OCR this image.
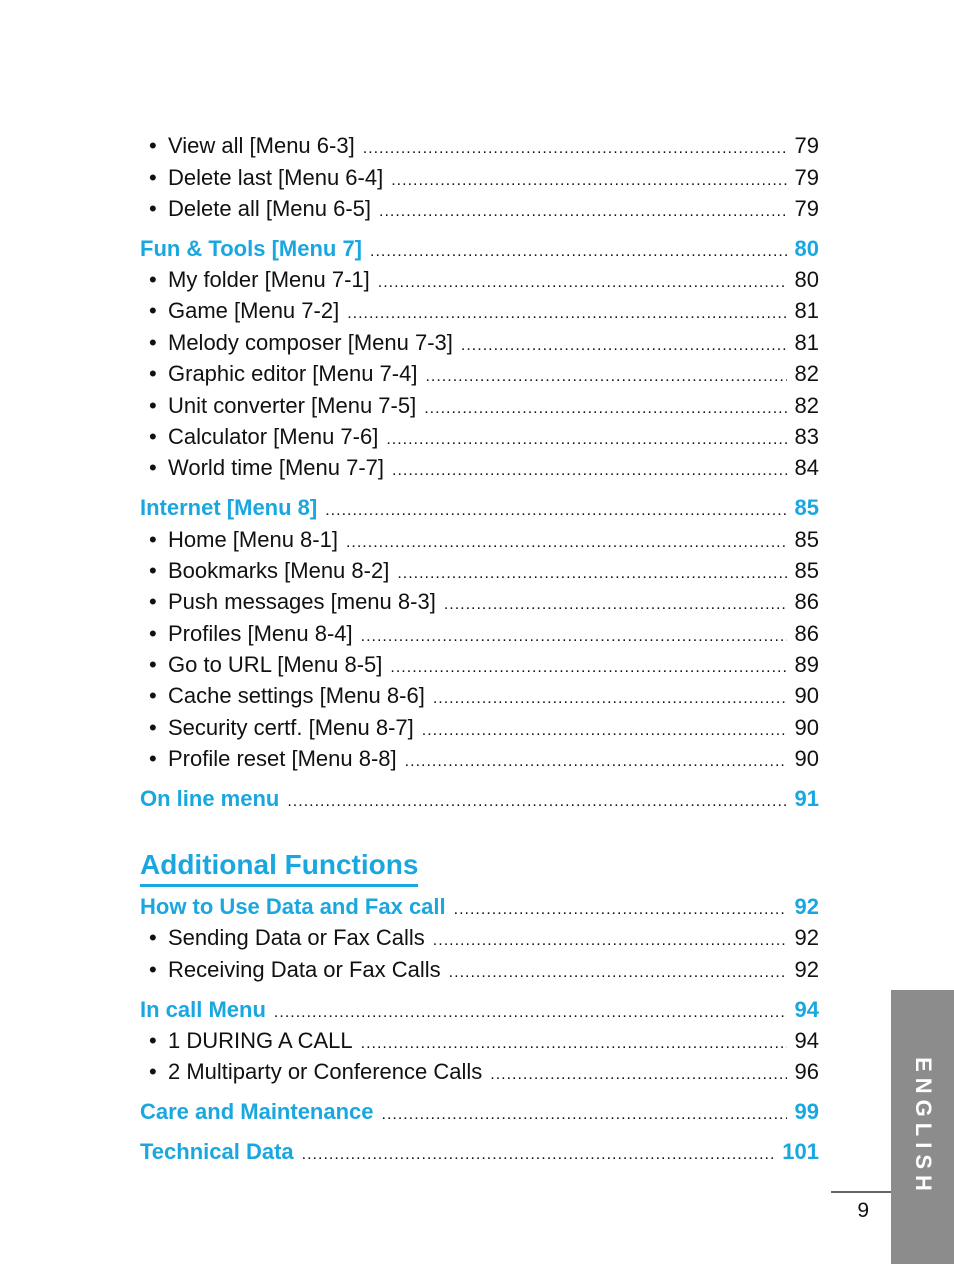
• View all [Menu 6-3] .....	79
• Delete last [Menu 6-4] .....	79
• Delete all [Menu 6-5] .....	79
Fun & Tools [Menu 7] .....	80
• My folder [Menu 7-1] .....	80
• Game [Menu 7-2] .....	81
• Melody composer [Menu 7-3] .....	81
• Graphic editor [Menu 7-4] .....	82
• Unit converter [Menu 7-5] .....	82
• Calculator [Menu 7-6] .....	83
• World time [Menu 7-7] .....	84
Internet [Menu 8] .....	85
• Home [Menu 8-1] .....	85
• Bookmarks [Menu 8-2] .....	85
• Push messages [menu 8-3] .....	86
• Profiles [Menu 8-4] .....	86
• Go to URL [Menu 8-5] .....	89
• Cache settings [Menu 8-6] .....	90
• Security certf. [Menu 8-7] .....	90
• Profile reset [Menu 8-8] .....	90
On line menu .....	91
How to Use Data and Fax call .....	92
• Sending Data or Fax Calls .....	92
• Receiving Data or Fax Calls .....	92
In call Menu .....	94
• 1 DURING A CALL .....	94
• 2 Multiparty or Conference Calls .....	96
Care and Maintenance .....	99
Technical Data .....	101
Additional Functions
ENGLISH
9
